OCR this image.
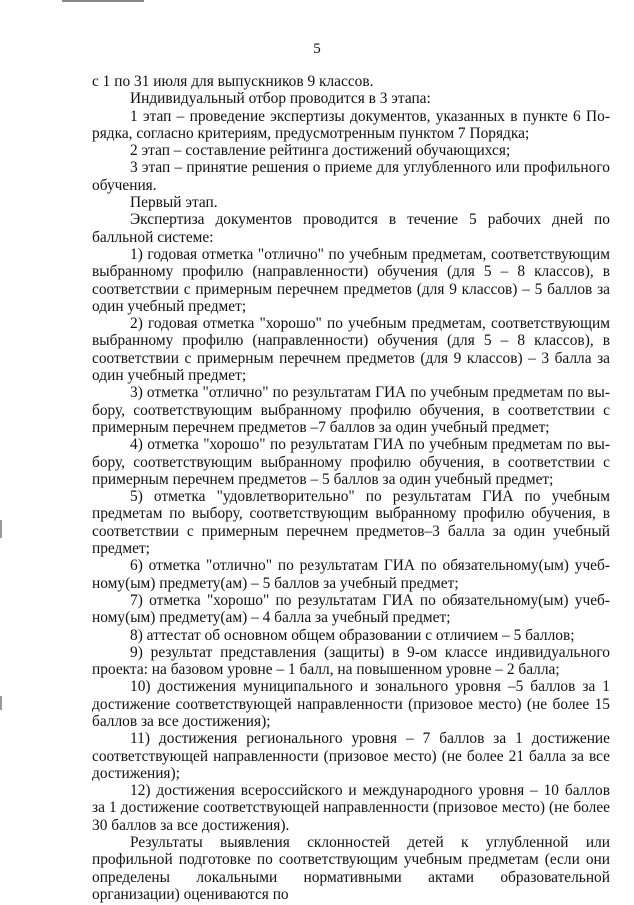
5

с 1 по 31 июля для выпускников 9 классов.

Индивидуальный отбор проводится в 3 этапа:

1 этап – проведение экспертизы документов, указанных в пункте 6 Порядка, согласно критериям, предусмотренным пунктом 7 Порядка;

2 этап – составление рейтинга достижений обучающихся;

3 этап – принятие решения о приеме для углубленного или профильного обучения.

Первый этап.

Экспертиза документов проводится в течение 5 рабочих дней по балльной системе:

1) годовая отметка "отлично" по учебным предметам, соответствующим выбранному профилю (направленности) обучения (для 5 – 8 классов), в соответствии с примерным перечнем предметов (для 9 классов) – 5 баллов за один учебный предмет;

2) годовая отметка "хорошо" по учебным предметам, соответствующим выбранному профилю (направленности) обучения (для 5 – 8 классов), в соответствии с примерным перечнем предметов (для 9 классов) – 3 балла за один учебный предмет;

3) отметка "отлично" по результатам ГИА по учебным предметам по выбору, соответствующим выбранному профилю обучения, в соответствии с примерным перечнем предметов –7 баллов за один учебный предмет;

4) отметка "хорошо" по результатам ГИА по учебным предметам по выбору, соответствующим выбранному профилю обучения, в соответствии с примерным перечнем предметов – 5 баллов за один учебный предмет;

5) отметка "удовлетворительно" по результатам ГИА по учебным предметам по выбору, соответствующим выбранному профилю обучения, в соответствии с примерным перечнем предметов–3 балла за один учебный предмет;

6) отметка "отлично" по результатам ГИА по обязательному(ым) учебному(ым) предмету(ам) – 5 баллов за учебный предмет;

7) отметка "хорошо" по результатам ГИА по обязательному(ым) учебному(ым) предмету(ам) – 4 балла за учебный предмет;

8) аттестат об основном общем образовании с отличием – 5 баллов;

9) результат представления (защиты) в 9-ом классе индивидуального проекта: на базовом уровне – 1 балл, на повышенном уровне – 2 балла;

10) достижения муниципального и зонального уровня –5 баллов за 1 достижение соответствующей направленности (призовое место) (не более 15 баллов за все достижения);

11) достижения регионального уровня – 7 баллов за 1 достижение соответствующей направленности (призовое место) (не более 21 балла за все достижения);

12) достижения всероссийского и международного уровня – 10 баллов за 1 достижение соответствующей направленности (призовое место) (не более 30 баллов за все достижения).

Результаты выявления склонностей детей к углубленной или профильной подготовке по соответствующим учебным предметам (если они определены локальными нормативными актами образовательной организации) оцениваются по
